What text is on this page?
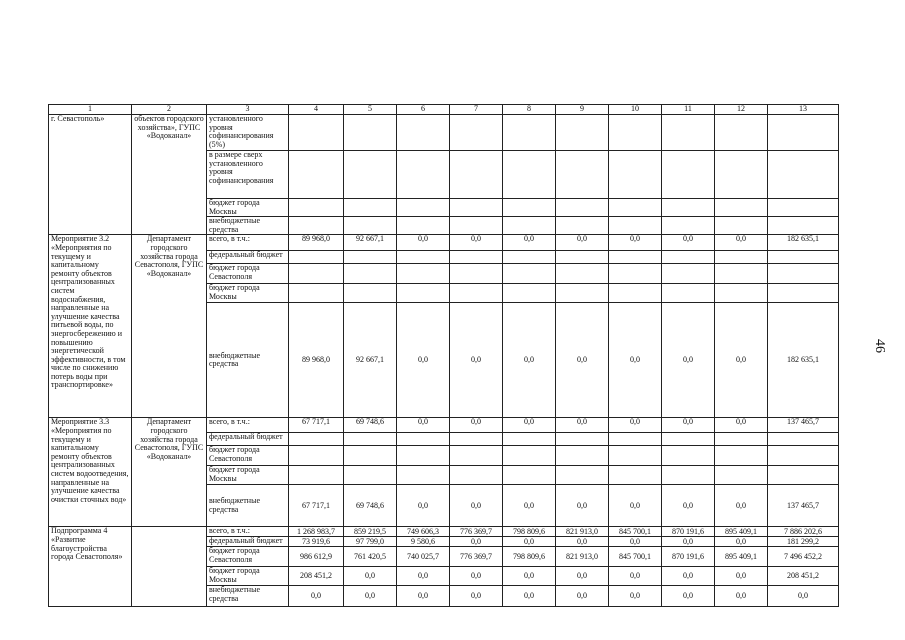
1	2	3	4	5	6	7	8	9	10	11	12	13
г. Севастополь»	объектов городского хозяйства», ГУПС «Водоканал»	установленного уровня софинансирования (5%)										
		в размере сверх установленного уровня софинансирования										
		бюджет города Москвы										
		внебюджетные средства										
Мероприятие 3.2 «Мероприятия по текущему и капитальному ремонту объектов централизованных систем водоснабжения, направленные на улучшение качества питьевой воды, по энергосбережению и повышению энергетической эффективности, в том числе по снижению потерь воды при транспортировке»	Департамент городского хозяйства города Севастополя, ГУПС «Водоканал»	всего, в т.ч.:	89 968,0	92 667,1	0,0	0,0	0,0	0,0	0,0	0,0	0,0	182 635,1
		федеральный бюджет										
		бюджет города Севастополя										
		бюджет города Москвы										
		внебюджетные средства	89 968,0	92 667,1	0,0	0,0	0,0	0,0	0,0	0,0	0,0	182 635,1
Мероприятие 3.3 «Мероприятия по текущему и капитальному ремонту объектов централизованных систем водоотведения, направленные на улучшение качества очистки сточных вод»	Департамент городского хозяйства города Севастополя, ГУПС «Водоканал»	всего, в т.ч.:	67 717,1	69 748,6	0,0	0,0	0,0	0,0	0,0	0,0	0,0	137 465,7
		федеральный бюджет										
		бюджет города Севастополя										
		бюджет города Москвы										
		внебюджетные средства	67 717,1	69 748,6	0,0	0,0	0,0	0,0	0,0	0,0	0,0	137 465,7
Подпрограмма 4 «Развитие благоустройства города Севастополя»		всего, в т.ч.:	1 268 983,7	859 219,5	749 606,3	776 369,7	798 809,6	821 913,0	845 700,1	870 191,6	895 409,1	7 886 202,6
		федеральный бюджет	73 919,6	97 799,0	9 580,6	0,0	0,0	0,0	0,0	0,0	0,0	181 299,2
		бюджет города Севастополя	986 612,9	761 420,5	740 025,7	776 369,7	798 809,6	821 913,0	845 700,1	870 191,6	895 409,1	7 496 452,2
		бюджет города Москвы	208 451,2	0,0	0,0	0,0	0,0	0,0	0,0	0,0	0,0	208 451,2
		внебюджетные средства	0,0	0,0	0,0	0,0	0,0	0,0	0,0	0,0	0,0	0,0
46
